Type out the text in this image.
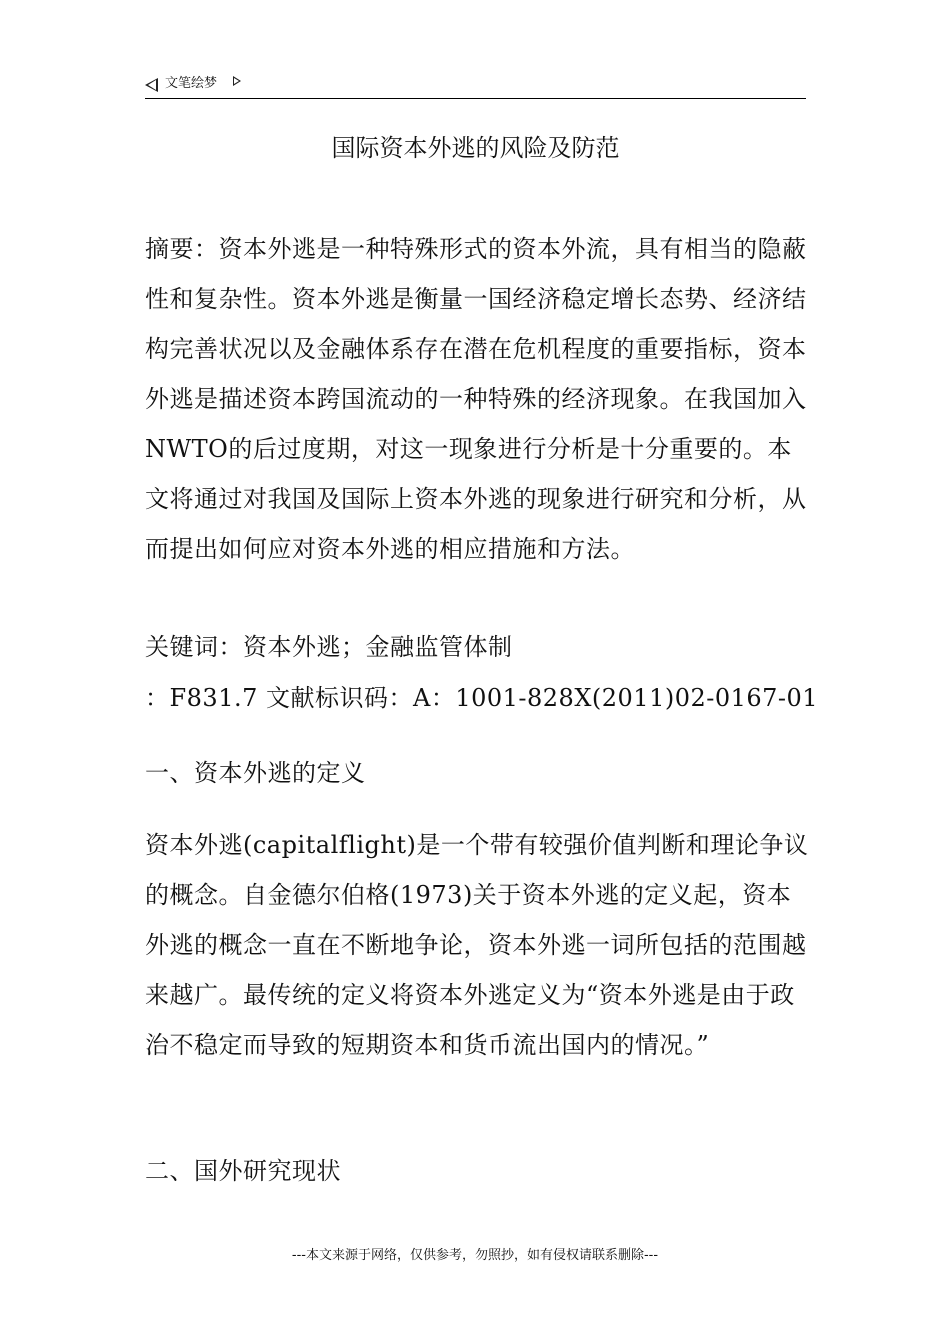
文笔绘梦
国际资本外逃的风险及防范

摘要：资本外逃是一种特殊形式的资本外流，具有相当的隐蔽性和复杂性。资本外逃是衡量一国经济稳定增长态势、经济结构完善状况以及金融体系存在潜在危机程度的重要指标，资本外逃是描述资本跨国流动的一种特殊的经济现象。在我国加入NWTO的后过度期，对这一现象进行分析是十分重要的。本文将通过对我国及国际上资本外逃的现象进行研究和分析，从而提出如何应对资本外逃的相应措施和方法。

关键词：资本外逃；金融监管体制

：F831.7 文献标识码：A：1001-828X(2011)02-0167-01

一、资本外逃的定义

资本外逃(capitalflight)是一个带有较强价值判断和理论争议的概念。自金德尔伯格(1973)关于资本外逃的定义起，资本外逃的概念一直在不断地争论，资本外逃一词所包括的范围越来越广。最传统的定义将资本外逃定义为“资本外逃是由于政治不稳定而导致的短期资本和货币流出国内的情况。”

二、国外研究现状

---本文来源于网络，仅供参考，勿照抄，如有侵权请联系删除---
